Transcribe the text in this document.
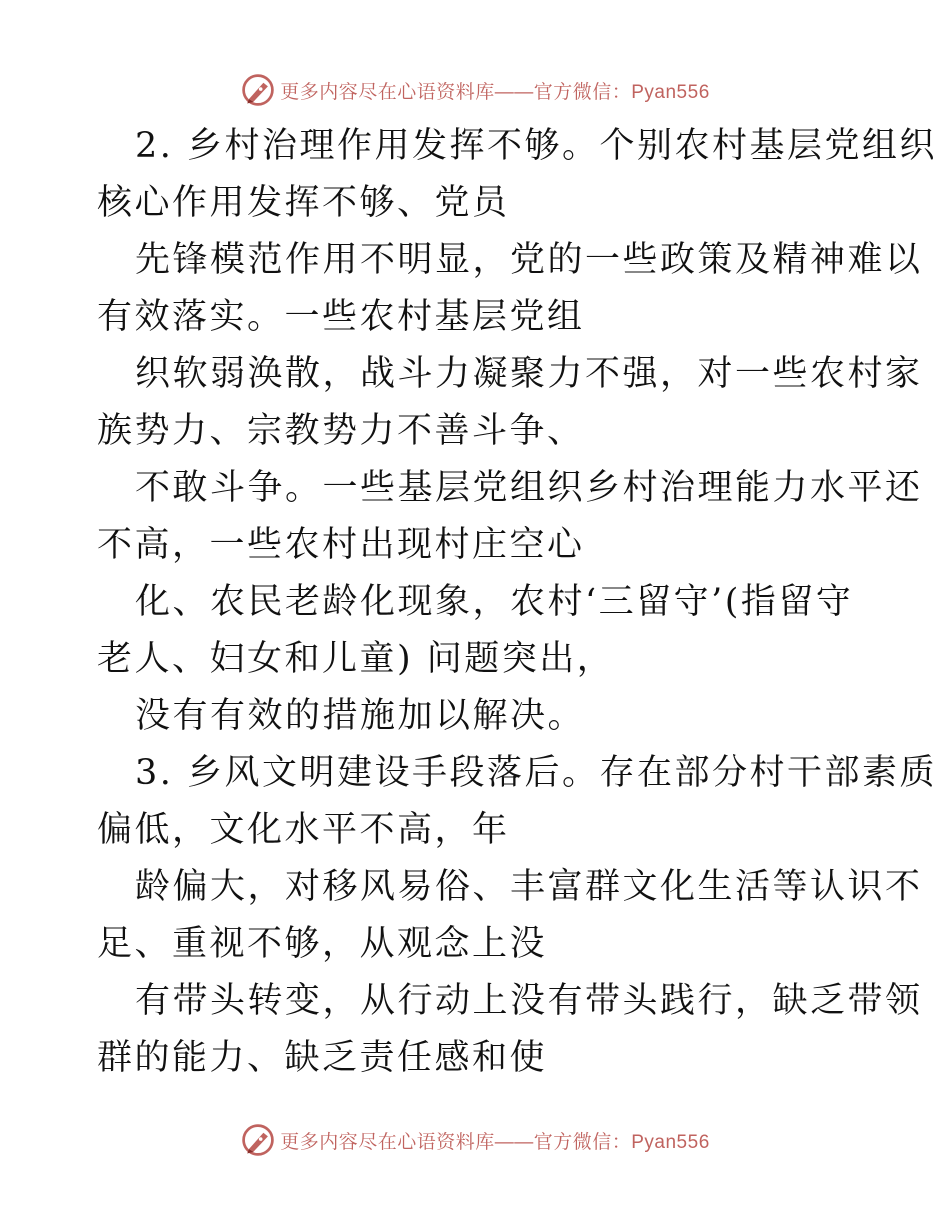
更多内容尽在心语资料库——官方微信：Pyan556

2. 乡村治理作用发挥不够。个别农村基层党组织

核心作用发挥不够、党员

先锋模范作用不明显，党的一些政策及精神难以

有效落实。一些农村基层党组

织软弱涣散，战斗力凝聚力不强，对一些农村家

族势力、宗教势力不善斗争、

不敢斗争。一些基层党组织乡村治理能力水平还

不高，一些农村出现村庄空心

化、农民老龄化现象，农村‘三留守’(指留守

老人、妇女和儿童) 问题突出，

没有有效的措施加以解决。

3. 乡风文明建设手段落后。存在部分村干部素质

偏低，文化水平不高，年

龄偏大，对移风易俗、丰富群文化生活等认识不

足、重视不够，从观念上没

有带头转变，从行动上没有带头践行，缺乏带领

群的能力、缺乏责任感和使

更多内容尽在心语资料库——官方微信：Pyan556
